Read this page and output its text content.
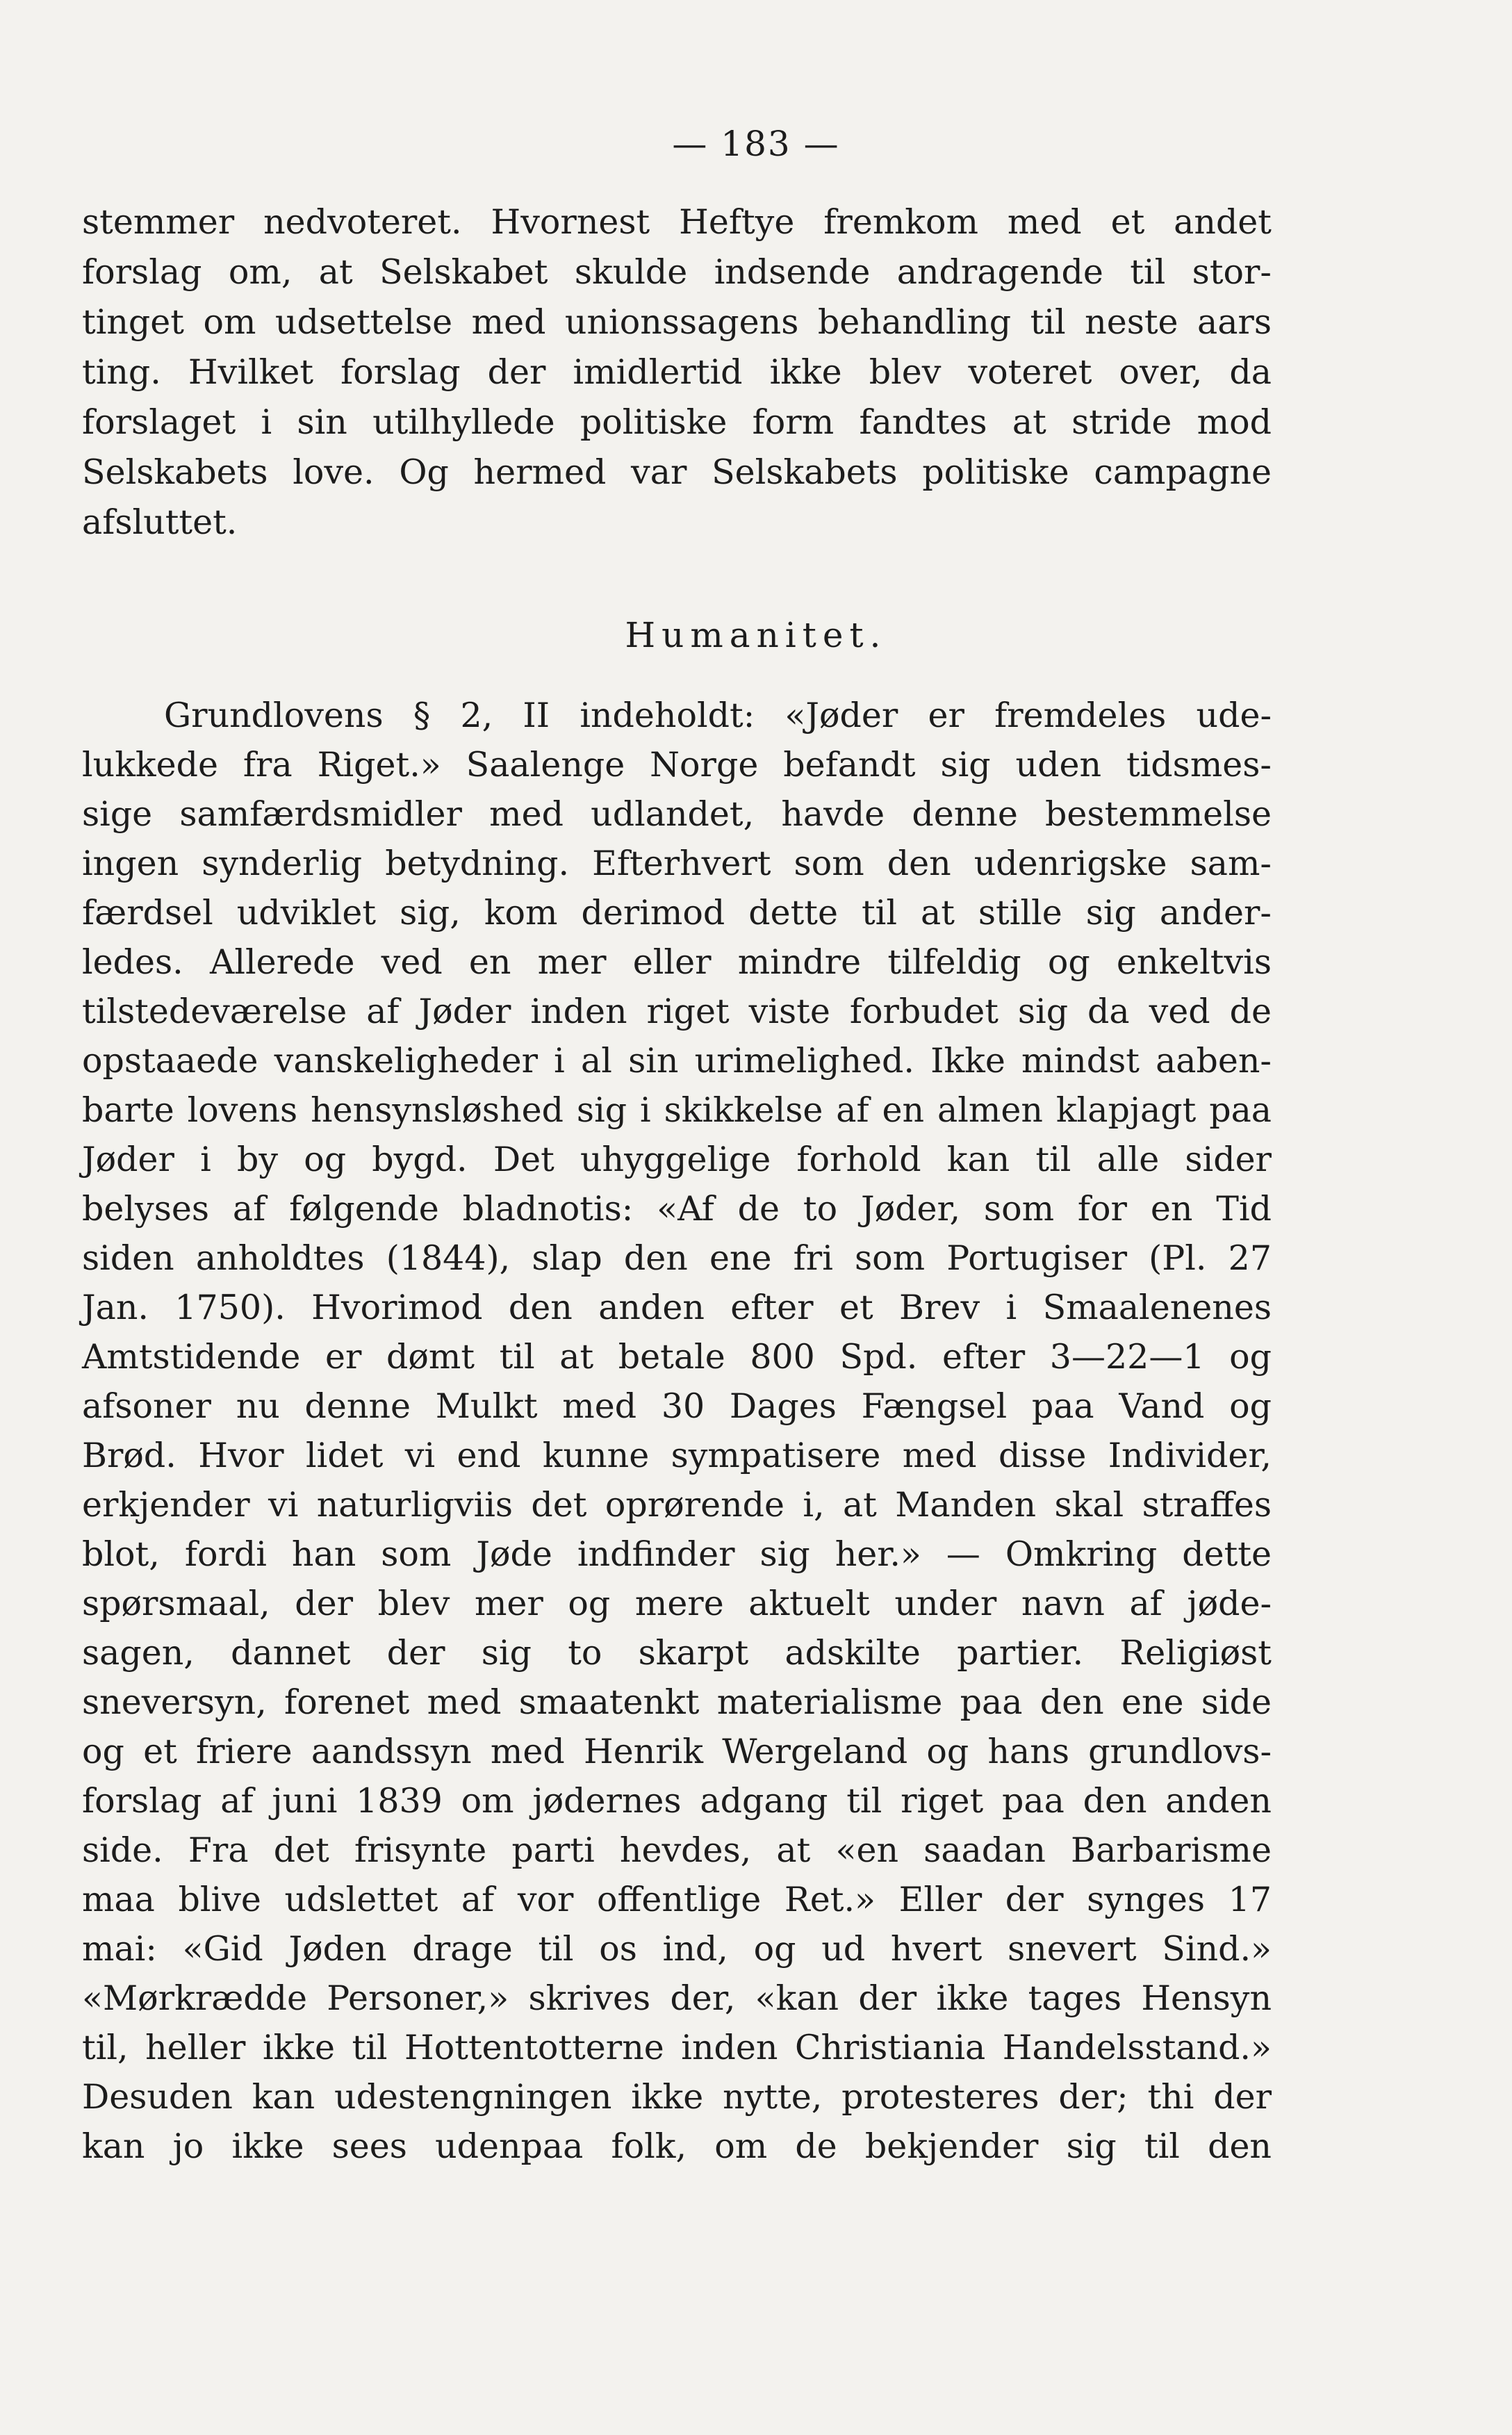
— 183 —
stemmer nedvoteret. Hvornest Heftye fremkom med et andet
forslag om, at Selskabet skulde indsende andragende til stor-
tinget om udsettelse med unionssagens behandling til neste aars
ting. Hvilket forslag der imidlertid ikke blev voteret over, da
forslaget i sin utilhyllede politiske form fandtes at stride mod
Selskabets love. Og hermed var Selskabets politiske campagne
afsluttet.
Humanitet.
Grundlovens § 2, II indeholdt: «Jøder er fremdeles ude-
lukkede fra Riget.» Saalenge Norge befandt sig uden tidsmes-
sige samfærdsmidler med udlandet, havde denne bestemmelse
ingen synderlig betydning. Efterhvert som den udenrigske sam-
færdsel udviklet sig, kom derimod dette til at stille sig ander-
ledes. Allerede ved en mer eller mindre tilfeldig og enkeltvis
tilstedeværelse af Jøder inden riget viste forbudet sig da ved de
opstaaede vanskeligheder i al sin urimelighed. Ikke mindst aaben-
barte lovens hensynsløshed sig i skikkelse af en almen klapjagt paa
Jøder i by og bygd. Det uhyggelige forhold kan til alle sider
belyses af følgende bladnotis: «Af de to Jøder, som for en Tid
siden anholdtes (1844), slap den ene fri som Portugiser (Pl. 27
Jan. 1750). Hvorimod den anden efter et Brev i Smaalenenes
Amtstidende er dømt til at betale 800 Spd. efter 3—22—1 og
afsoner nu denne Mulkt med 30 Dages Fængsel paa Vand og
Brød. Hvor lidet vi end kunne sympatisere med disse Individer,
erkjender vi naturligviis det oprørende i, at Manden skal straffes
blot, fordi han som Jøde indfinder sig her.» — Omkring dette
spørsmaal, der blev mer og mere aktuelt under navn af jøde-
sagen, dannet der sig to skarpt adskilte partier. Religiøst
sneversyn, forenet med smaatenkt materialisme paa den ene side
og et friere aandssyn med Henrik Wergeland og hans grundlovs-
forslag af juni 1839 om jødernes adgang til riget paa den anden
side. Fra det frisynte parti hevdes, at «en saadan Barbarisme
maa blive udslettet af vor offentlige Ret.» Eller der synges 17
mai: «Gid Jøden drage til os ind, og ud hvert snevert Sind.»
«Mørkrædde Personer,» skrives der, «kan der ikke tages Hensyn
til, heller ikke til Hottentotterne inden Christiania Handelsstand.»
Desuden kan udestengningen ikke nytte, protesteres der; thi der
kan jo ikke sees udenpaa folk, om de bekjender sig til den
